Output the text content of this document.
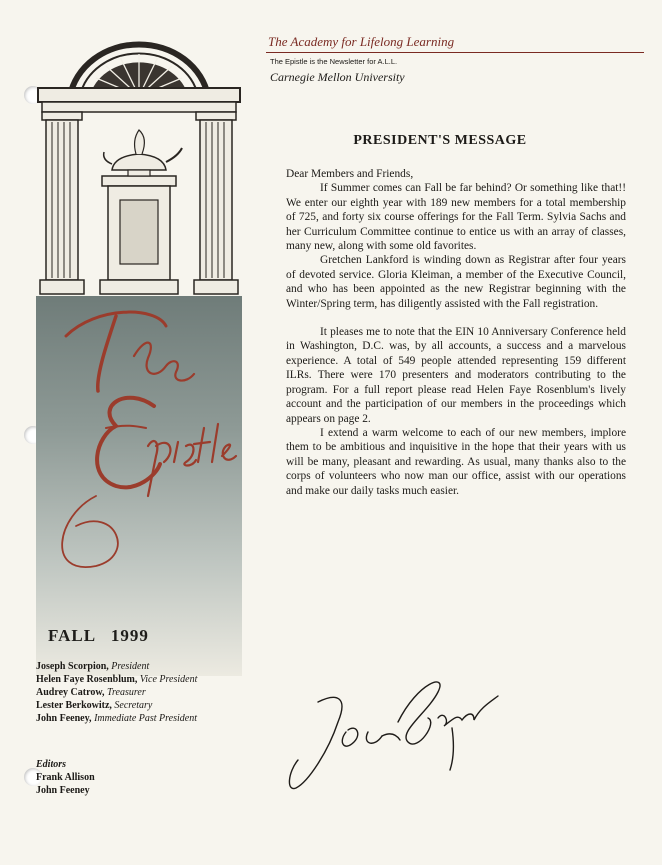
FALL   1999
Joseph Scorpion, President
Helen Faye Rosenblum, Vice President
Audrey Catrow, Treasurer
Lester Berkowitz, Secretary
John Feeney, Immediate Past President
Editors
Frank Allison
John Feeney
The Academy for Lifelong Learning
The Epistle is the Newsletter for A.L.L.
Carnegie Mellon University
PRESIDENT'S MESSAGE

Dear Members and Friends,

If Summer comes can Fall be far behind? Or something like that!! We enter our eighth year with 189 new members for a total membership of 725, and forty six course offerings for the Fall Term. Sylvia Sachs and her Curriculum Committee continue to entice us with an array of classes, many new, along with some old favorites.

Gretchen Lankford is winding down as Registrar after four years of devoted service. Gloria Kleiman, a member of the Executive Council, and who has been appointed as the new Registrar beginning with the Winter/Spring term, has diligently assisted with the Fall registration.

It pleases me to note that the EIN 10 Anniversary Conference held in Washington, D.C. was, by all accounts, a success and a marvelous experience. A total of 549 people attended representing 159 different ILRs. There were 170 presenters and moderators contributing to the program. For a full report please read Helen Faye Rosenblum's lively account and the participation of our members in the proceedings which appears on page 2.

I extend a warm welcome to each of our new members, implore them to be ambitious and inquisitive in the hope that their years with us will be many, pleasant and rewarding. As usual, many thanks also to the corps of volunteers who now man our office, assist with our operations and make our daily tasks much easier.
